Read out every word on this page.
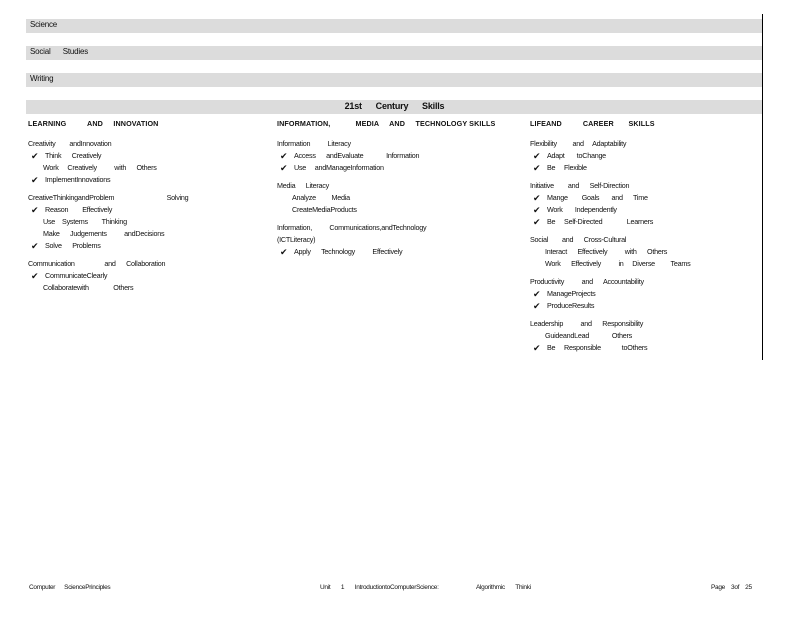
Science
Social      Studies
Writing
21st      Century      Skills
LEARNING          AND     INNOVATION
Creativity        andInnovation
✔ Think      Creatively
Work     Creatively          with      Others
✔ ImplementInnovations
CreativeThinkingandProblem                              Solving
✔ Reason        Effectively
Use    Systems        Thinking
Make      Judgements          andDecisions
✔ Solve      Problems
Communication                 and      Collaboration
✔ CommunicateClearly
Collaboratewith              Others
INFORMATION,            MEDIA     AND     TECHNOLOGY SKILLS
Information          Literacy
✔ Access      andEvaluate             Information
✔ Use     andManageInformation
Media      Literacy
Analyze         Media
CreateMediaProducts
Information,          Communications,andTechnology
(ICTLiteracy)
✔ Apply      Technology          Effectively
LIFEAND          CAREER       SKILLS
Flexibility         and     Adaptability
✔ Adapt       toChange
✔ Be     Flexible
Initiative        and      Self-Direction
✔ Mange        Goals       and      Time
✔ Work       Independently
✔ Be     Self-Directed              Learners
Social        and      Cross-Cultural
Interact      Effectively          with      Others
Work      Effectively          in     Diverse         Teams
Productivity          and      Accountability
✔ ManageProjects
✔ ProduceResults
Leadership          and      Responsibility
GuideandLead             Others
✔ Be     Responsible            toOthers
Computer      SciencePrinciples	Unit       1       IntroductiontoComputerScience:	Algorithmic       Thinki	Page    3of    25
